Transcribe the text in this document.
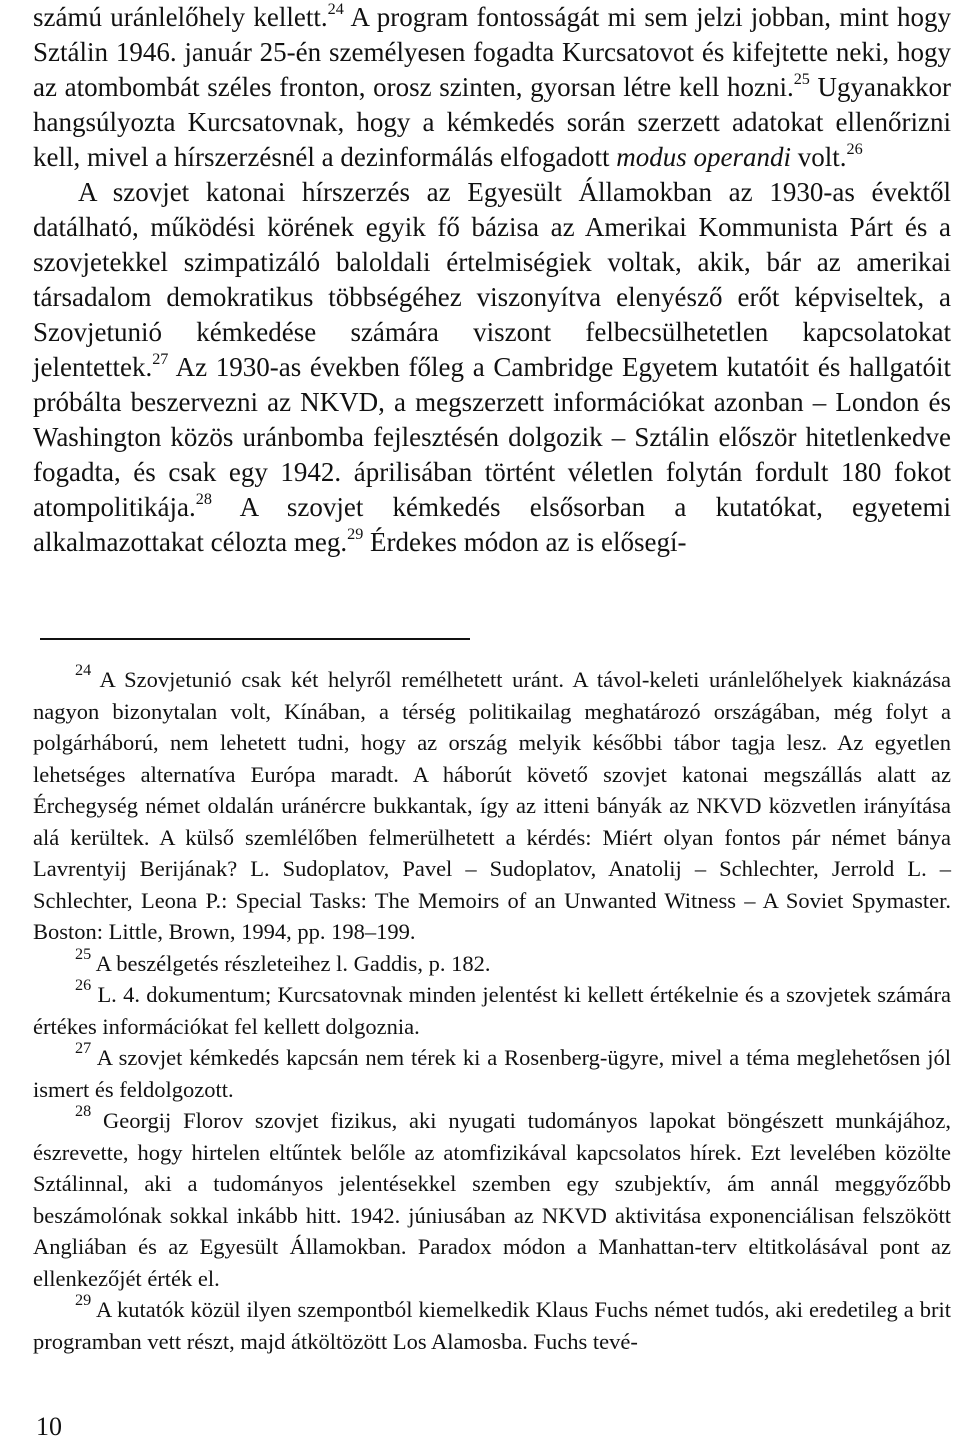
számú uránlelőhely kellett.$^{24}$ A program fontosságát mi sem jelzi jobban, mint hogy Sztálin 1946. január 25-én személyesen fogadta Kurcsatovot és kifejtette neki, hogy az atombombát széles fronton, orosz szinten, gyorsan létre kell hozni.$^{25}$ Ugyanakkor hangsúlyozta Kurcsatovnak, hogy a kémkedés során szerzett adatokat ellenőrizni kell, mivel a hírszerzésnél a dezinformálás elfogadott modus operandi volt.$^{26}$

A szovjet katonai hírszerzés az Egyesült Államokban az 1930-as évektől datálható, működési körének egyik fő bázisa az Amerikai Kommunista Párt és a szovjetekkel szimpatizáló baloldali értelmiségiek voltak, akik, bár az amerikai társadalom demokratikus többségéhez viszonyítva elenyésző erőt képviseltek, a Szovjetunió kémkedése számára viszont felbecsülhetetlen kapcsolatokat jelentettek.$^{27}$ Az 1930-as években főleg a Cambridge Egyetem kutatóit és hallgatóit próbálta beszervezni az NKVD, a megszerzett információkat azonban – London és Washington közös uránbomba fejlesztésén dolgozik – Sztálin először hitetlenkedve fogadta, és csak egy 1942. áprilisában történt véletlen folytán fordult 180 fokot atompolitikája.$^{28}$ A szovjet kémkedés elsősorban a kutatókat, egyetemi alkalmazottakat célozta meg.$^{29}$ Érdekes módon az is elősegí-

$^{24}$ A Szovjetunió csak két helyről remélhetett uránt. A távol-keleti uránlelőhelyek kiaknázása nagyon bizonytalan volt, Kínában, a térség politikailag meghatározó országában, még folyt a polgárháború, nem lehetett tudni, hogy az ország melyik későbbi tábor tagja lesz. Az egyetlen lehetséges alternatíva Európa maradt. A háborút követő szovjet katonai megszállás alatt az Érchegység német oldalán uránércre bukkantak, így az itteni bányák az NKVD közvetlen irányítása alá kerültek. A külső szemlélőben felmerülhetett a kérdés: Miért olyan fontos pár német bánya Lavrentyij Berijának? L. Sudoplatov, Pavel – Sudoplatov, Anatolij – Schlechter, Jerrold L. – Schlechter, Leona P.: Special Tasks: The Memoirs of an Unwanted Witness – A Soviet Spymaster. Boston: Little, Brown, 1994, pp. 198–199.

$^{25}$ A beszélgetés részleteihez l. Gaddis, p. 182.

$^{26}$ L. 4. dokumentum; Kurcsatovnak minden jelentést ki kellett értékelnie és a szovjetek számára értékes információkat fel kellett dolgoznia.

$^{27}$ A szovjet kémkedés kapcsán nem térek ki a Rosenberg-ügyre, mivel a téma meglehetősen jól ismert és feldolgozott.

$^{28}$ Georgij Florov szovjet fizikus, aki nyugati tudományos lapokat böngészett munkájához, észrevette, hogy hirtelen eltűntek belőle az atomfizikával kapcsolatos hírek. Ezt levelében közölte Sztálinnal, aki a tudományos jelentésekkel szemben egy szubjektív, ám annál meggyőzőbb beszámolónak sokkal inkább hitt. 1942. júniusában az NKVD aktivitása exponenciálisan felszökött Angliában és az Egyesült Államokban. Paradox módon a Manhattan-terv eltitkolásával pont az ellenkezőjét érték el.

$^{29}$ A kutatók közül ilyen szempontból kiemelkedik Klaus Fuchs német tudós, aki eredetileg a brit programban vett részt, majd átköltözött Los Alamosba. Fuchs tevé-

10
